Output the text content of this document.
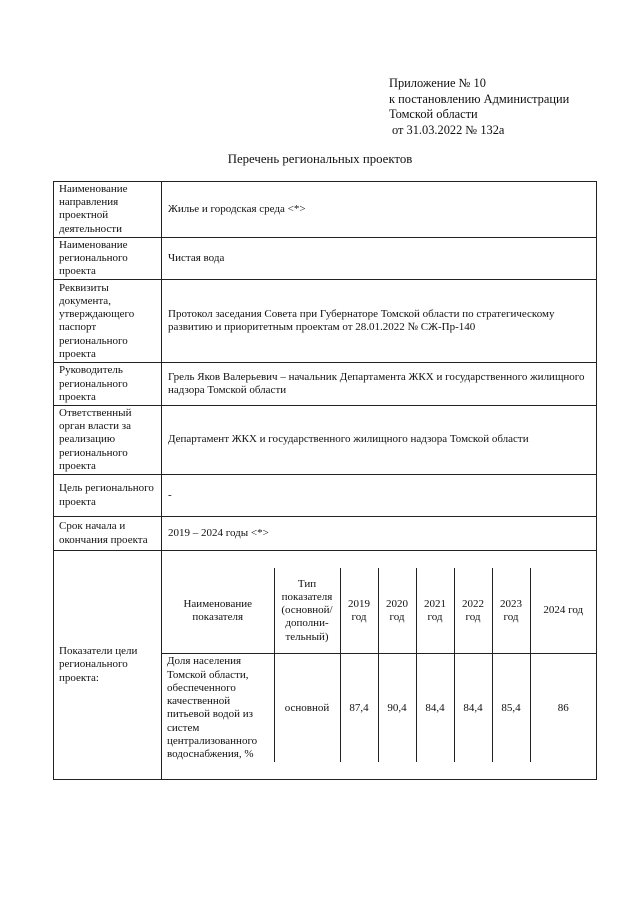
Приложение № 10
к постановлению Администрации
Томской области
от 31.03.2022 № 132а
Перечень региональных проектов
Наименование направления проектной деятельности	Жилье и городская среда <*>
Наименование регионального проекта	Чистая вода
Реквизиты документа, утверждающего паспорт регионального проекта	Протокол заседания Совета при Губернаторе Томской области по стратегическому развитию и приоритетным проектам от 28.01.2022 № СЖ-Пр-140
Руководитель регионального проекта	Грель Яков Валерьевич – начальник Департамента ЖКХ и государственного жилищного надзора Томской области
Ответственный орган власти за реализацию регионального проекта	Департамент ЖКХ и государственного жилищного надзора Томской области
Цель регионального проекта	-
Срок начала и окончания проекта	2019 – 2024 годы <*>
Показатели цели регионального проекта:	
Наименование показателя	Тип показателя (основной/ дополни-тельный)	2019 год	2020 год	2021 год	2022 год	2023 год	2024 год
Доля населения Томской области, обеспеченного качественной питьевой водой из систем централизованного водоснабжения, %	основной	87,4	90,4	84,4	84,4	85,4	86
